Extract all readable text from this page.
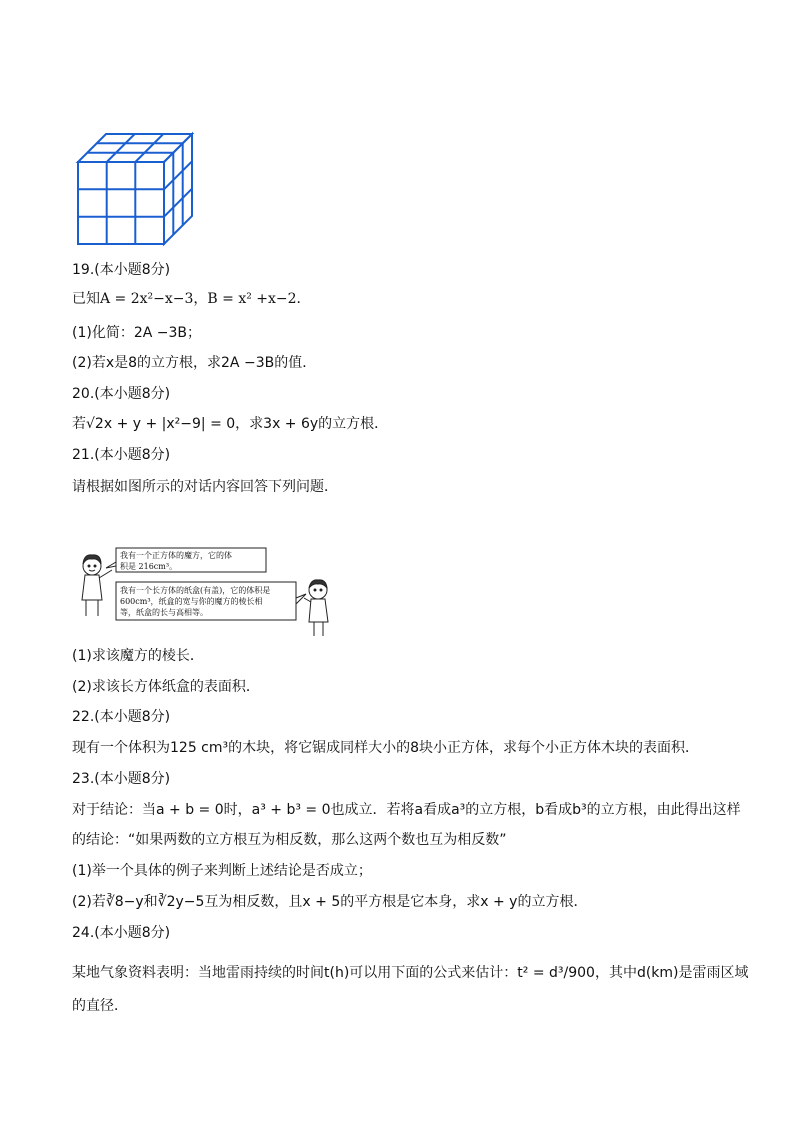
19.(本小题8分)
已知A = 2x²−x−3，B = x² +x−2．
(1)化简：2A −3B；
(2)若x是8的立方根，求2A −3B的值．
20.(本小题8分)
若√2x + y + |x²−9| = 0，求3x + 6y的立方根．
21.(本小题8分)
请根据如图所示的对话内容回答下列问题．
我有一个正方体的魔方，它的体
积是 216cm³。
我有一个长方体的纸盒(有盖)，它的体积是
600cm³，纸盒的宽与你的魔方的棱长相
等，纸盒的长与高相等。
(1)求该魔方的棱长．
(2)求该长方体纸盒的表面积．
22.(本小题8分)
现有一个体积为125 cm³的木块，将它锯成同样大小的8块小正方体，求每个小正方体木块的表面积．
23.(本小题8分)
对于结论：当a + b = 0时，a³ + b³ = 0也成立．若将a看成a³的立方根，b看成b³的立方根，由此得出这样
的结论：“如果两数的立方根互为相反数，那么这两个数也互为相反数”
(1)举一个具体的例子来判断上述结论是否成立；
(2)若∛8−y和∛2y−5互为相反数，且x + 5的平方根是它本身，求x + y的立方根．
24.(本小题8分)
某地气象资料表明：当地雷雨持续的时间t(h)可以用下面的公式来估计：t² = d³/900，其中d(km)是雷雨区域
的直径．
